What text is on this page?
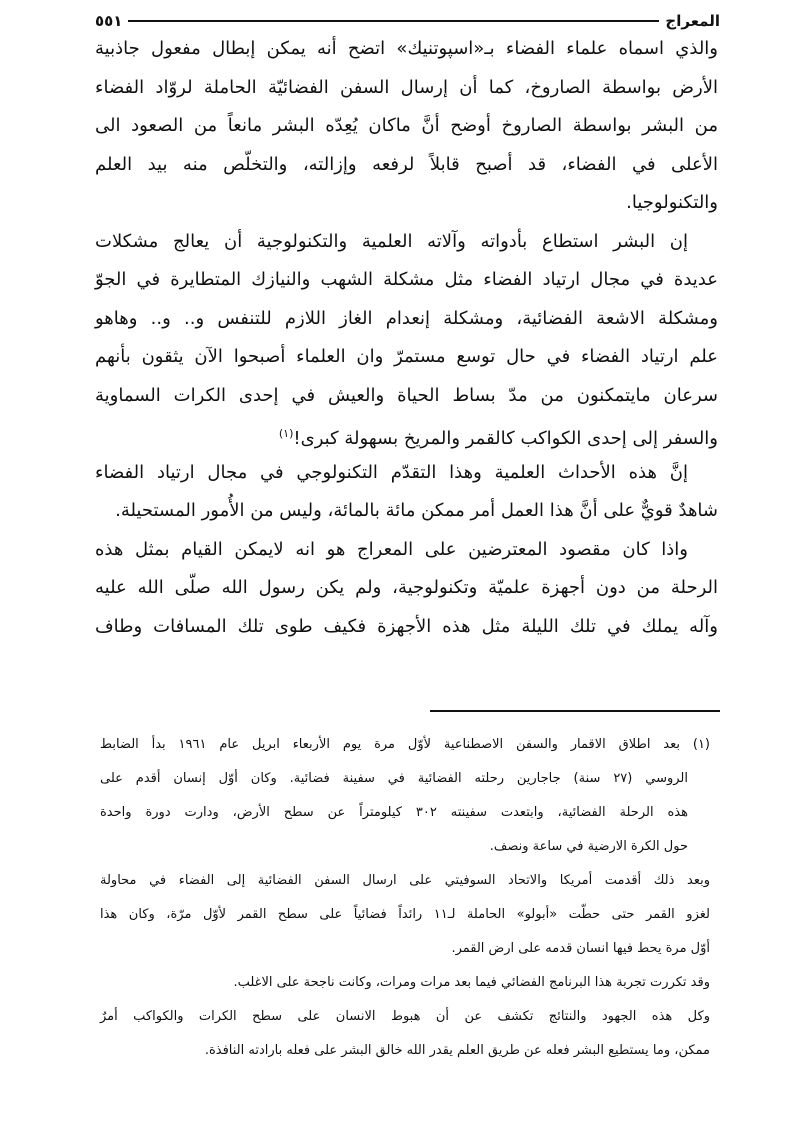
المعراج
٥٥١
والذي اسماه علماء الفضاء بـ«اسپوتنيك» اتضح أنه يمكن إبطال مفعول جاذبية
الأرض بواسطة الصاروخ، كما أن إرسال السفن الفضائيّة الحاملة لروّاد الفضاء
من البشر بواسطة الصاروخ أوضح أنَّ ماكان يُعِدّه البشر مانعاً من الصعود الى
الأعلى في الفضاء، قد أصبح قابلاً لرفعه وإزالته، والتخلّص منه بيد العلم
والتكنولوجيا.
إن البشر استطاع بأدواته وآلاته العلمية والتكنولوجية أن يعالج مشكلات
عديدة في مجال ارتياد الفضاء مثل مشكلة الشهب والنيازك المتطايرة في الجوّ
ومشكلة الاشعة الفضائية، ومشكلة إنعدام الغاز اللازم للتنفس و.. و.. وهاهو
علم ارتياد الفضاء في حال توسع مستمرّ وان العلماء أصبحوا الآن يثقون بأنهم
سرعان مايتمكنون من مدّ بساط الحياة والعيش في إحدى الكرات السماوية
والسفر إلى إحدى الكواكب كالقمر والمريخ بسهولة كبرى!$^{(١)}$
إنَّ هذه الأحداث العلمية وهذا التقدّم التكنولوجي في مجال ارتياد الفضاء
شاهدٌ قويٌّ على أنَّ هذا العمل أمر ممكن مائة بالمائة، وليس من الأُمور المستحيلة.
واذا كان مقصود المعترضين على المعراج هو انه لايمكن القيام بمثل هذه
الرحلة من دون أجهزة علميّة وتكنولوجية، ولم يكن رسول الله صلّى الله عليه
وآله يملك في تلك الليلة مثل هذه الأجهزة فكيف طوى تلك المسافات وطاف
(١) بعد اطلاق الاقمار والسفن الاصطناعية لأوّل مرة يوم الأربعاء ابريل عام ١٩٦١ بدأ الضابط
الروسي (٢٧ سنة) جاجارين رحلته الفضائية في سفينة فضائية. وكان أوّل إنسان أقدم على
هذه الرحلة الفضائية، وابتعدت سفينته ٣٠٢ كيلومتراً عن سطح الأرض، ودارت دورة واحدة
حول الكرة الارضية في ساعة ونصف.
وبعد ذلك أقدمت أمريكا والاتحاد السوفيتي على ارسال السفن الفضائية إلى الفضاء في محاولة
لغزو القمر حتى حطّت «أبولو» الحاملة لـ١١ رائداً فضائياً على سطح القمر لأوّل مرّة، وكان هذا
أوّل مرة يحط فيها انسان قدمه على ارض القمر.
وقد تكررت تجربة هذا البرنامج الفضائي فيما بعد مرات ومرات، وكانت ناجحة على الاغلب.
وكل هذه الجهود والنتائج تكشف عن أن هبوط الانسان على سطح الكرات والكواكب أمرٌ
ممكن، وما يستطيع البشر فعله عن طريق العلم يقدر الله خالق البشر على فعله بارادته النافذة.
